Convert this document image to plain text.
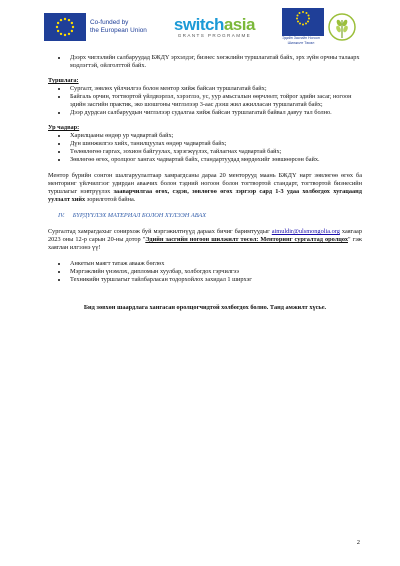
Co-funded by
the European Union switchasia
GRANTS PROGRAMME
Эдийн Засгийн Ногоон Шилжилт Төсөл
• Дээрх чиглэлийн салбаруудад БЖДҮ эрхэлдэг, бизнес хөгжлийн туршлагатай байх, эрх зүйн орчны талаарх мэдлэгтэй, ойлголттой байх.
Туршлага:
• Сургалт, зөвлөх үйлчилгээ болон ментор хийж байсан туршлагатай байх;
• Байгаль орчин, тогтвортой үйлдвэрлэл, хэрэглээ, ус, уур амьсгалын өөрчлөлт, тойрог эдийн засаг, ногоон эдийн засгийн практик, эко шошгоны чиглэлээр 3-аас дээш жил ажилласан туршлагатай байх;
• Дээр дурдсан салбаруудын чиглэлээр судалгаа хийж байсан туршлагатай байвал давуу тал болно.
Ур чадвар:
• Харилцааны өндөр ур чадвартай байх;
• Дүн шинжилгээ хийх, танилцуулах өндөр чадвартай байх;
• Төлөвлөгөө гаргах, зохион байгуулах, хэрэгжүүлэх, тайлагнах чадвартай байх;
• Зөвлөгөө өгөх, оролцоог хангах чадвартай байх, стандартуудад мөрдөхийг зөвшөөрсөн байх.

Ментор бүрийн сонгон шалгаруулалтаар хамрагдсаны дараа 20 менторууд маань БЖДҮ нарт зөвлөгөө өгөх ба менторинг үйлчилгээг удирдан аваачих болон тэдний ногоон болон тогтвортой стандарт, тогтвортой бизнесийн туршлагыг нэвтрүүлэх зааварчилгаа өгөх, сэдэв, зөвлөгөө өгөх зэргээр сард 1-3 удаа холбогдох хугацаанд уулзалт хийх зорилготой байна.

IV. БҮРДҮҮЛЭХ МАТЕРИАЛ БОЛОН ХҮЛЭЭН АВАХ

Сургалтад хамрагдахыг сонирхож буй мэргэжилтнүүд дараах бичиг баримтуудыг aimuldir@ulsmongolia.org хаягаар 2023 оны 12-р сарын 20-ны дотор "Эдийн засгийн ногоон шилжилт төсөл: Менторинг сургалтад оролцох" гэж хаяглан илгээнэ үү!

• Анкетын маягт татаж авааж бөглөх
• Мэргэжлийн үнэмлэх, дипломын хуулбар, холбогдох гэрчилгээ
• Техникийн туршлагыг тайлбарласан тодорхойлох захидал 1 ширхэг
Бид зөвхөн шаардлага хангасан оролцогчидтой холбогдох болно. Танд амжилт хүсье.
2
